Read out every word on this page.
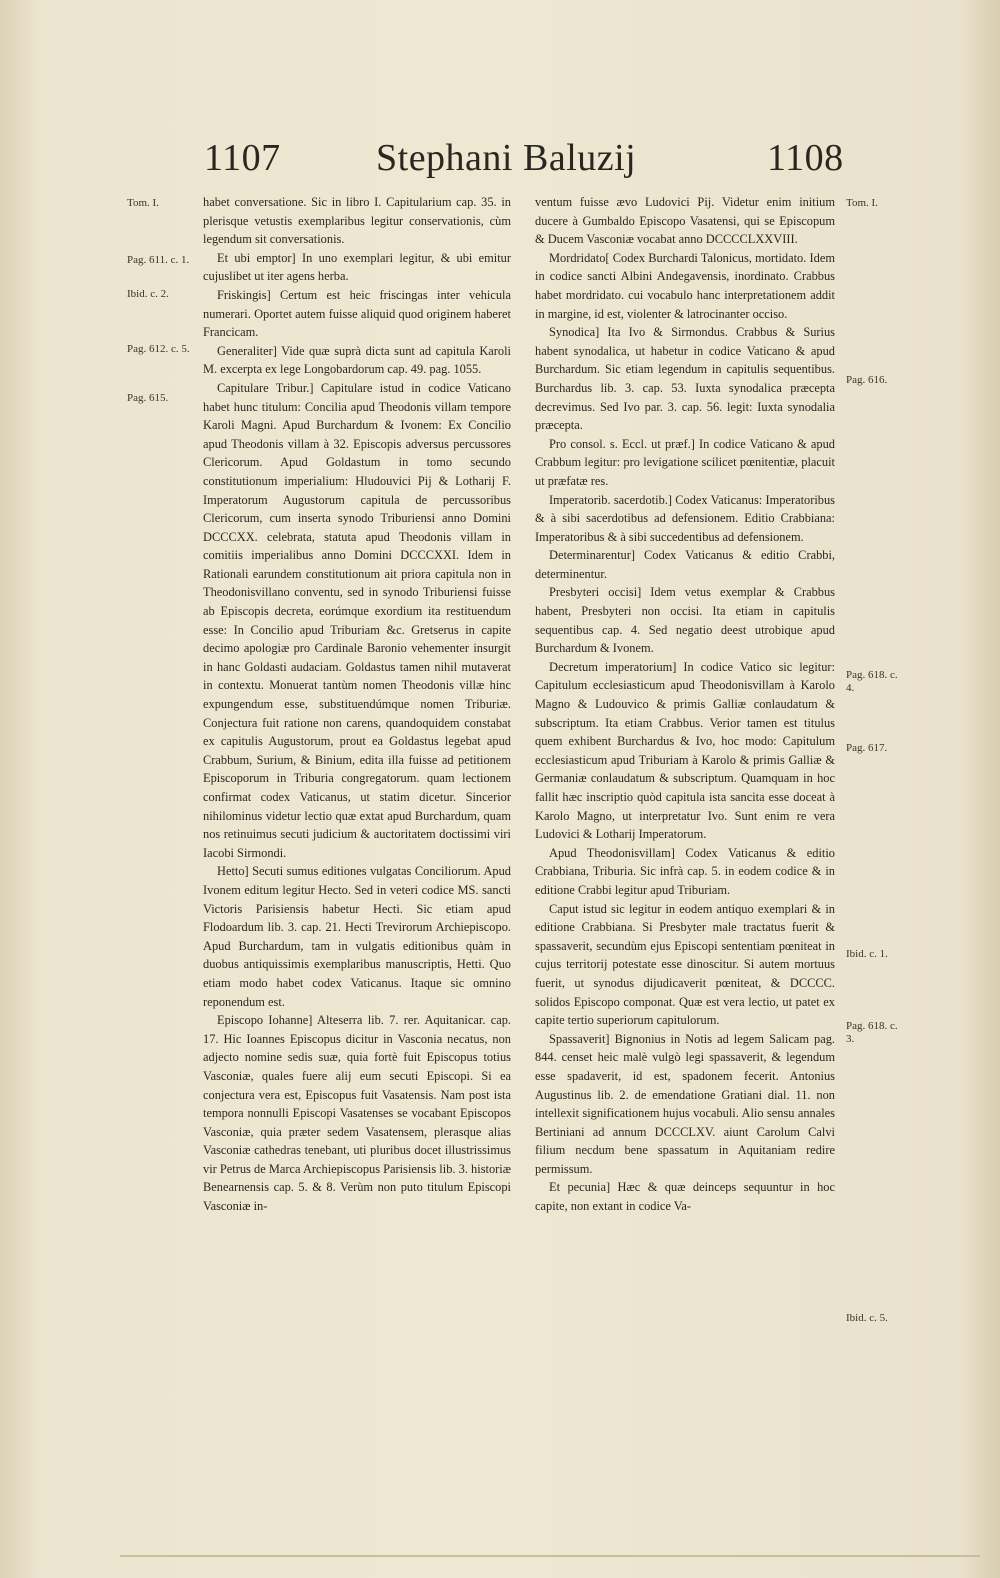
1107	Stephani Baluzij	1108
Tom. I.
Pag. 611. c. 1.
Ibid. c. 2.
Pag. 612. c. 5.
Pag. 615.
Tom. I.
Pag. 616.
Pag. 618. c. 4.
Pag. 617.
Ibid. c. 1.
Pag. 618. c. 3.
Ibid. c. 5.

habet conversatione. Sic in libro I. Capitularium cap. 35. in plerisque vetustis exemplaribus legitur conservationis, cùm legendum sit conversationis.

Et ubi emptor] In uno exemplari legitur, & ubi emitur cujuslibet ut iter agens herba.

Friskingis] Certum est heic friscingas inter vehicula numerari. Oportet autem fuisse aliquid quod originem haberet Francicam.

Generaliter] Vide quæ suprà dicta sunt ad capitula Karoli M. excerpta ex lege Longobardorum cap. 49. pag. 1055.

Capitulare Tribur.] Capitulare istud in codice Vaticano habet hunc titulum: Concilia apud Theodonis villam tempore Karoli Magni. Apud Burchardum & Ivonem: Ex Concilio apud Theodonis villam à 32. Episcopis adversus percussores Clericorum. Apud Goldastum in tomo secundo constitutionum imperialium: Hludouvici Pij & Lotharij F. Imperatorum Augustorum capitula de percussoribus Clericorum, cum inserta synodo Triburiensi anno Domini DCCCXX. celebrata, statuta apud Theodonis villam in comitiis imperialibus anno Domini DCCCXXI. Idem in Rationali earundem constitutionum ait priora capitula non in Theodonisvillano conventu, sed in synodo Triburiensi fuisse ab Episcopis decreta, eorúmque exordium ita restituendum esse: In Concilio apud Triburiam &c. Gretserus in capite decimo apologiæ pro Cardinale Baronio vehementer insurgit in hanc Goldasti audaciam. Goldastus tamen nihil mutaverat in contextu. Monuerat tantùm nomen Theodonis villæ hinc expungendum esse, substituendúmque nomen Triburiæ. Conjectura fuit ratione non carens, quandoquidem constabat ex capitulis Augustorum, prout ea Goldastus legebat apud Crabbum, Surium, & Binium, edita illa fuisse ad petitionem Episcoporum in Triburia congregatorum. quam lectionem confirmat codex Vaticanus, ut statim dicetur. Sincerior nihilominus videtur lectio quæ extat apud Burchardum, quam nos retinuimus secuti judicium & auctoritatem doctissimi viri Iacobi Sirmondi.

Hetto] Secuti sumus editiones vulgatas Conciliorum. Apud Ivonem editum legitur Hecto. Sed in veteri codice MS. sancti Victoris Parisiensis habetur Hecti. Sic etiam apud Flodoardum lib. 3. cap. 21. Hecti Trevirorum Archiepiscopo. Apud Burchardum, tam in vulgatis editionibus quàm in duobus antiquissimis exemplaribus manuscriptis, Hetti. Quo etiam modo habet codex Vaticanus. Itaque sic omnino reponendum est.

Episcopo Iohanne] Alteserra lib. 7. rer. Aquitanicar. cap. 17. Hic Ioannes Episcopus dicitur in Vasconia necatus, non adjecto nomine sedis suæ, quia fortè fuit Episcopus totius Vasconiæ, quales fuere alij eum secuti Episcopi. Si ea conjectura vera est, Episcopus fuit Vasatensis. Nam post ista tempora nonnulli Episcopi Vasatenses se vocabant Episcopos Vasconiæ, quia præter sedem Vasatensem, plerasque alias Vasconiæ cathedras tenebant, uti pluribus docet illustrissimus vir Petrus de Marca Archiepiscopus Parisiensis lib. 3. historiæ Benearnensis cap. 5. & 8. Verùm non puto titulum Episcopi Vasconiæ in-

ventum fuisse ævo Ludovici Pij. Videtur enim initium ducere à Gumbaldo Episcopo Vasatensi, qui se Episcopum & Ducem Vasconiæ vocabat anno DCCCCLXXVIII.

Mordridato[ Codex Burchardi Talonicus, mortidato. Idem in codice sancti Albini Andegavensis, inordinato. Crabbus habet mordridato. cui vocabulo hanc interpretationem addit in margine, id est, violenter & latrocinanter occiso.

Synodica] Ita Ivo & Sirmondus. Crabbus & Surius habent synodalica, ut habetur in codice Vaticano & apud Burchardum. Sic etiam legendum in capitulis sequentibus. Burchardus lib. 3. cap. 53. Iuxta synodalica præcepta decrevimus. Sed Ivo par. 3. cap. 56. legit: Iuxta synodalia præcepta.

Pro consol. s. Eccl. ut præf.] In codice Vaticano & apud Crabbum legitur: pro levigatione scilicet pœnitentiæ, placuit ut præfatæ res.

Imperatorib. sacerdotib.] Codex Vaticanus: Imperatoribus & à sibi sacerdotibus ad defensionem. Editio Crabbiana: Imperatoribus & à sibi succedentibus ad defensionem.

Determinarentur] Codex Vaticanus & editio Crabbi, determinentur.

Presbyteri occisi] Idem vetus exemplar & Crabbus habent, Presbyteri non occisi. Ita etiam in capitulis sequentibus cap. 4. Sed negatio deest utrobique apud Burchardum & Ivonem.

Decretum imperatorium] In codice Vatico sic legitur: Capitulum ecclesiasticum apud Theodonisvillam à Karolo Magno & Ludouvico & primis Galliæ conlaudatum & subscriptum. Ita etiam Crabbus. Verior tamen est titulus quem exhibent Burchardus & Ivo, hoc modo: Capitulum ecclesiasticum apud Triburiam à Karolo & primis Galliæ & Germaniæ conlaudatum & subscriptum. Quamquam in hoc fallit hæc inscriptio quòd capitula ista sancita esse doceat à Karolo Magno, ut interpretatur Ivo. Sunt enim re vera Ludovici & Lotharij Imperatorum.

Apud Theodonisvillam] Codex Vaticanus & editio Crabbiana, Triburia. Sic infrà cap. 5. in eodem codice & in editione Crabbi legitur apud Triburiam.

Caput istud sic legitur in eodem antiquo exemplari & in editione Crabbiana. Si Presbyter male tractatus fuerit & spassaverit, secundùm ejus Episcopi sententiam pœniteat in cujus territorij potestate esse dinoscitur. Si autem mortuus fuerit, ut synodus dijudicaverit pœniteat, & DCCCC. solidos Episcopo componat. Quæ est vera lectio, ut patet ex capite tertio superiorum capitulorum.

Spassaverit] Bignonius in Notis ad legem Salicam pag. 844. censet heic malè vulgò legi spassaverit, & legendum esse spadaverit, id est, spadonem fecerit. Antonius Augustinus lib. 2. de emendatione Gratiani dial. 11. non intellexit significationem hujus vocabuli. Alio sensu annales Bertiniani ad annum DCCCLXV. aiunt Carolum Calvi filium necdum bene spassatum in Aquitaniam redire permissum.

Et pecunia] Hæc & quæ deinceps sequuntur in hoc capite, non extant in codice Va-
